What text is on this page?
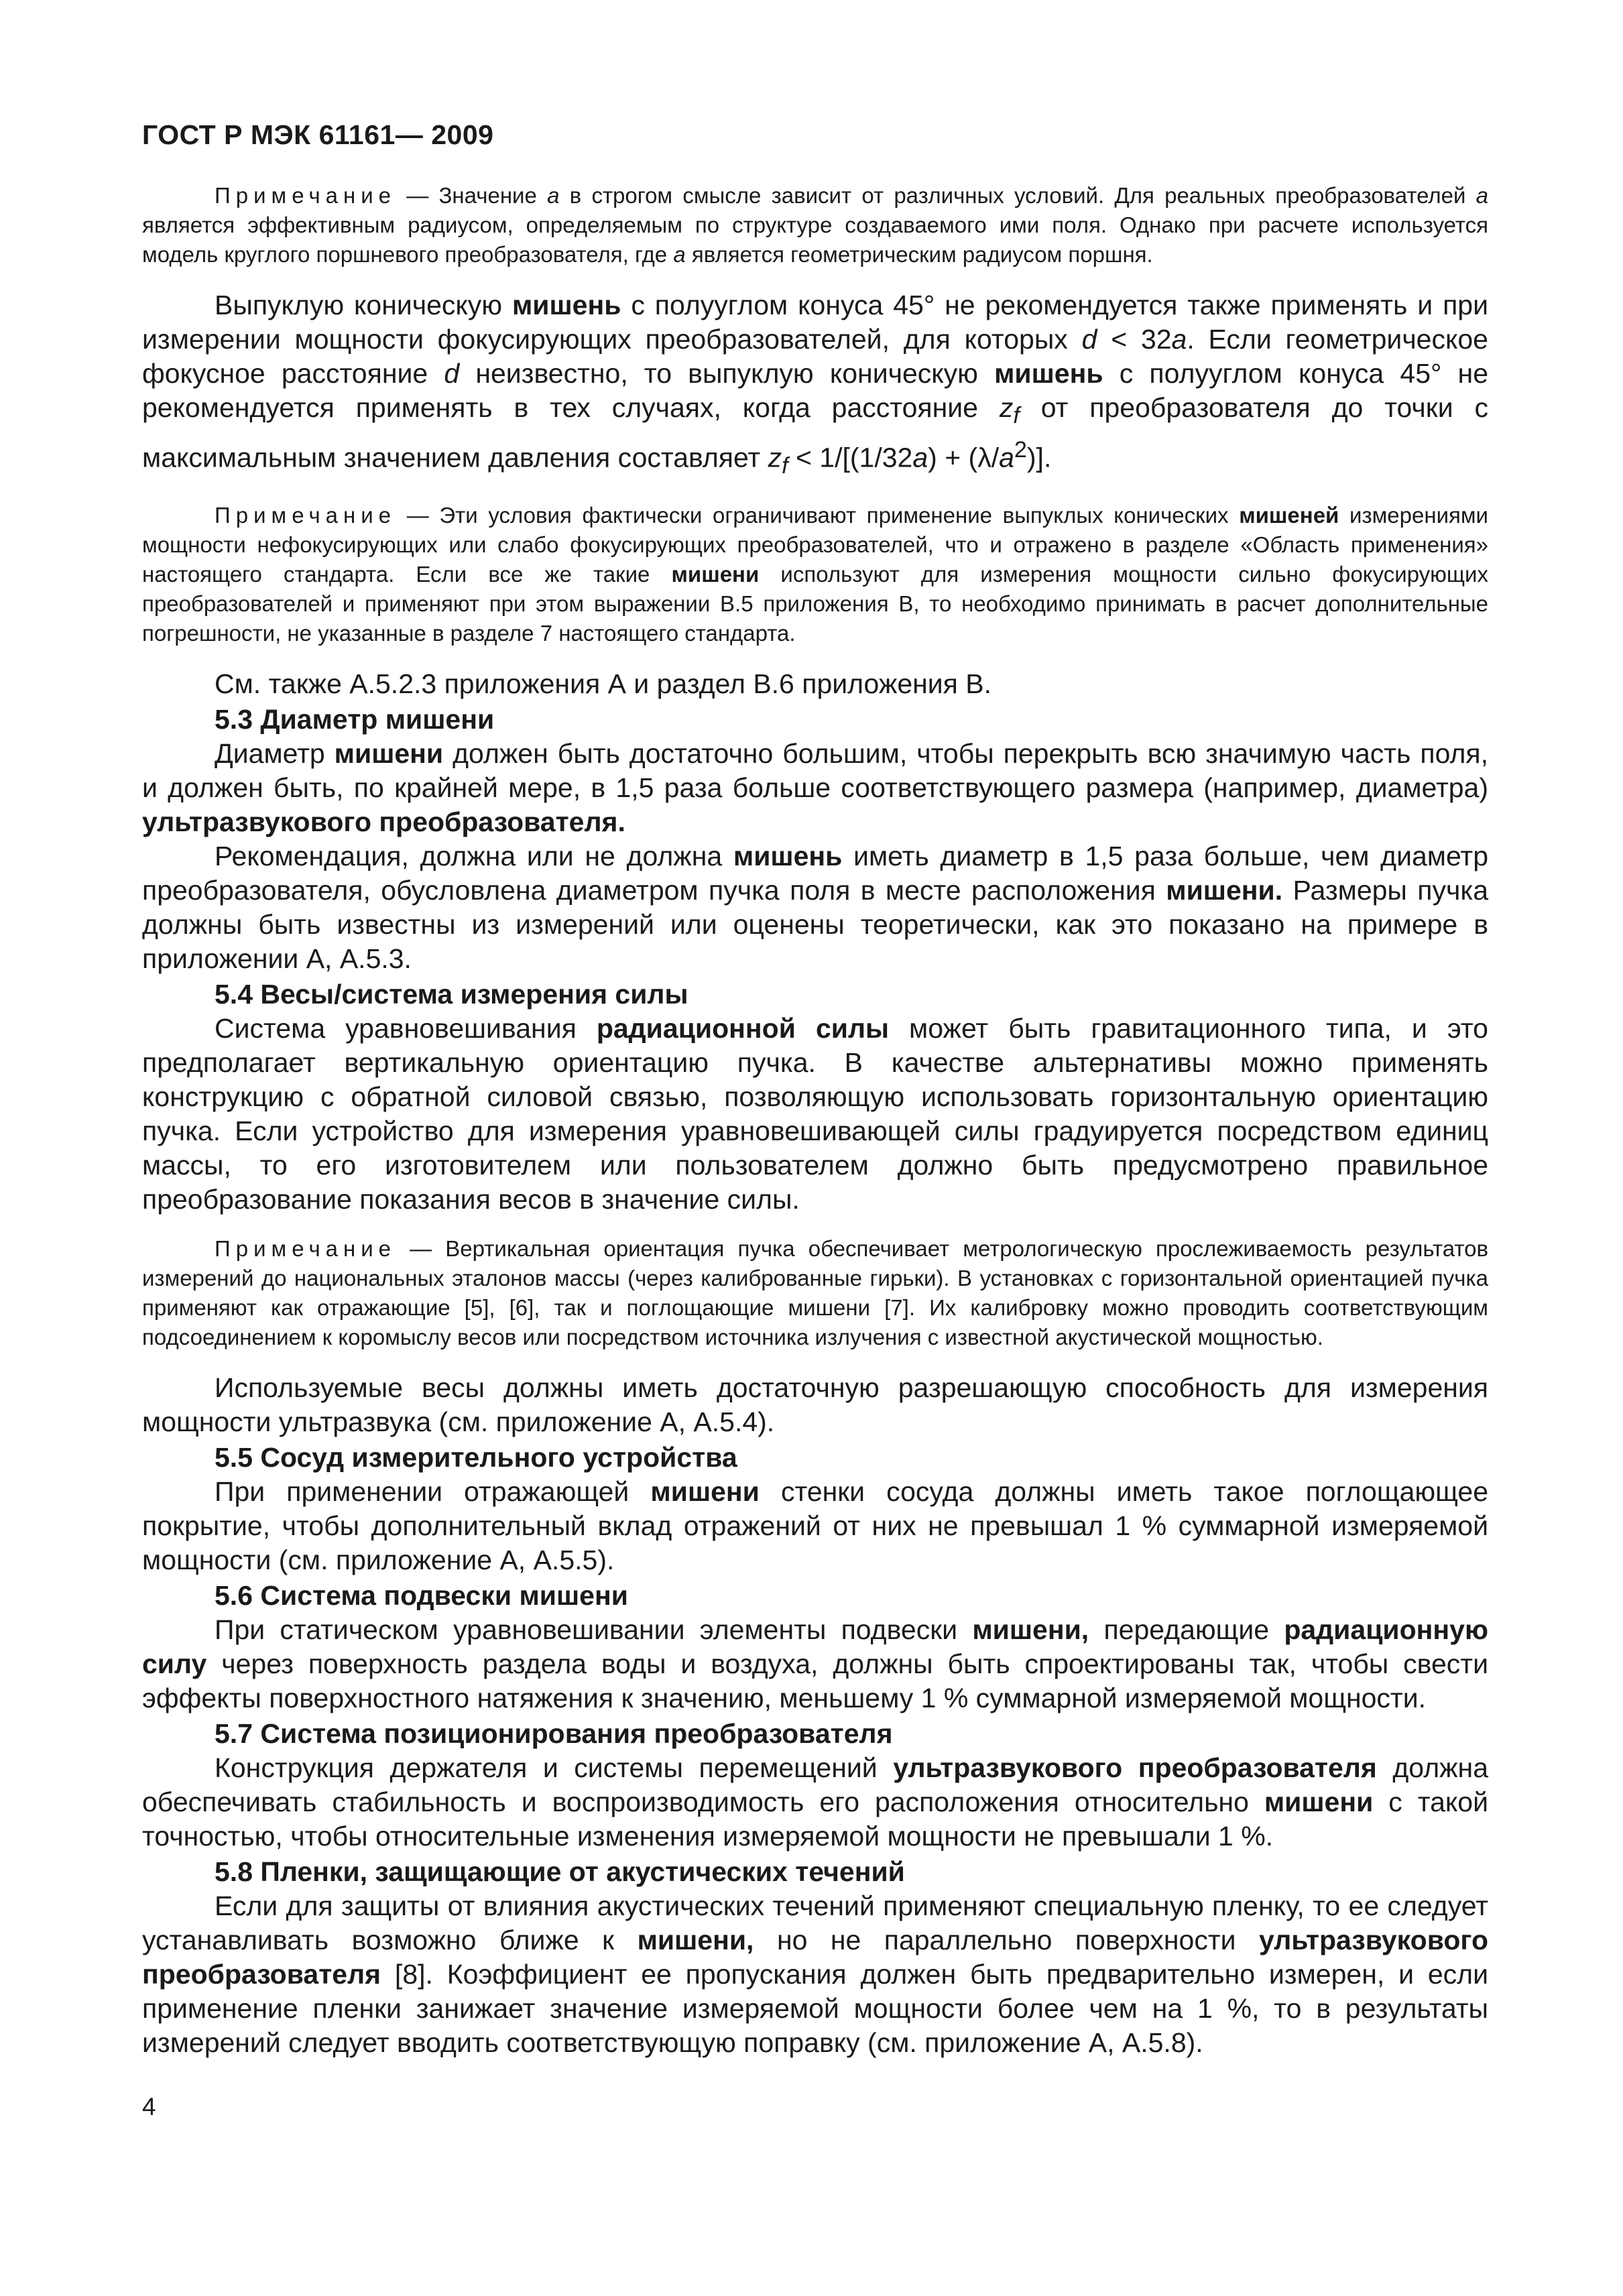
ГОСТ Р МЭК 61161— 2009

Примечание — Значение a в строгом смысле зависит от различных условий. Для реальных преобразователей a является эффективным радиусом, определяемым по структуре создаваемого ими поля. Однако при расчете используется модель круглого поршневого преобразователя, где a является геометрическим радиусом поршня.

Выпуклую коническую мишень с полууглом конуса 45° не рекомендуется также применять и при измерении мощности фокусирующих преобразователей, для которых d < 32a. Если геометрическое фокусное расстояние d неизвестно, то выпуклую коническую мишень с полууглом конуса 45° не рекомендуется применять в тех случаях, когда расстояние $z_f$ от преобразователя до точки с максимальным значением давления составляет $z_f < 1/[(1/32a) + (\lambda/a^2)]$.

Примечание — Эти условия фактически ограничивают применение выпуклых конических мишеней измерениями мощности нефокусирующих или слабо фокусирующих преобразователей, что и отражено в разделе «Область применения» настоящего стандарта. Если все же такие мишени используют для измерения мощности сильно фокусирующих преобразователей и применяют при этом выражении В.5 приложения В, то необходимо принимать в расчет дополнительные погрешности, не указанные в разделе 7 настоящего стандарта.

См. также А.5.2.3 приложения А и раздел В.6 приложения В.

5.3 Диаметр мишени

Диаметр мишени должен быть достаточно большим, чтобы перекрыть всю значимую часть поля, и должен быть, по крайней мере, в 1,5 раза больше соответствующего размера (например, диаметра) ультразвукового преобразователя.

Рекомендация, должна или не должна мишень иметь диаметр в 1,5 раза больше, чем диаметр преобразователя, обусловлена диаметром пучка поля в месте расположения мишени. Размеры пучка должны быть известны из измерений или оценены теоретически, как это показано на примере в приложении А, А.5.3.

5.4 Весы/система измерения силы

Система уравновешивания радиационной силы может быть гравитационного типа, и это предполагает вертикальную ориентацию пучка. В качестве альтернативы можно применять конструкцию с обратной силовой связью, позволяющую использовать горизонтальную ориентацию пучка. Если устройство для измерения уравновешивающей силы градуируется посредством единиц массы, то его изготовителем или пользователем должно быть предусмотрено правильное преобразование показания весов в значение силы.

Примечание — Вертикальная ориентация пучка обеспечивает метрологическую прослеживаемость результатов измерений до национальных эталонов массы (через калиброванные гирьки). В установках с горизонтальной ориентацией пучка применяют как отражающие [5], [6], так и поглощающие мишени [7]. Их калибровку можно проводить соответствующим подсоединением к коромыслу весов или посредством источника излучения с известной акустической мощностью.

Используемые весы должны иметь достаточную разрешающую способность для измерения мощности ультразвука (см. приложение А, А.5.4).

5.5 Сосуд измерительного устройства

При применении отражающей мишени стенки сосуда должны иметь такое поглощающее покрытие, чтобы дополнительный вклад отражений от них не превышал 1 % суммарной измеряемой мощности (см. приложение А, А.5.5).

5.6 Система подвески мишени

При статическом уравновешивании элементы подвески мишени, передающие радиационную силу через поверхность раздела воды и воздуха, должны быть спроектированы так, чтобы свести эффекты поверхностного натяжения к значению, меньшему 1 % суммарной измеряемой мощности.

5.7 Система позиционирования преобразователя

Конструкция держателя и системы перемещений ультразвукового преобразователя должна обеспечивать стабильность и воспроизводимость его расположения относительно мишени с такой точностью, чтобы относительные изменения измеряемой мощности не превышали 1 %.

5.8 Пленки, защищающие от акустических течений

Если для защиты от влияния акустических течений применяют специальную пленку, то ее следует устанавливать возможно ближе к мишени, но не параллельно поверхности ультразвукового преобразователя [8]. Коэффициент ее пропускания должен быть предварительно измерен, и если применение пленки занижает значение измеряемой мощности более чем на 1 %, то в результаты измерений следует вводить соответствующую поправку (см. приложение А, А.5.8).

4
